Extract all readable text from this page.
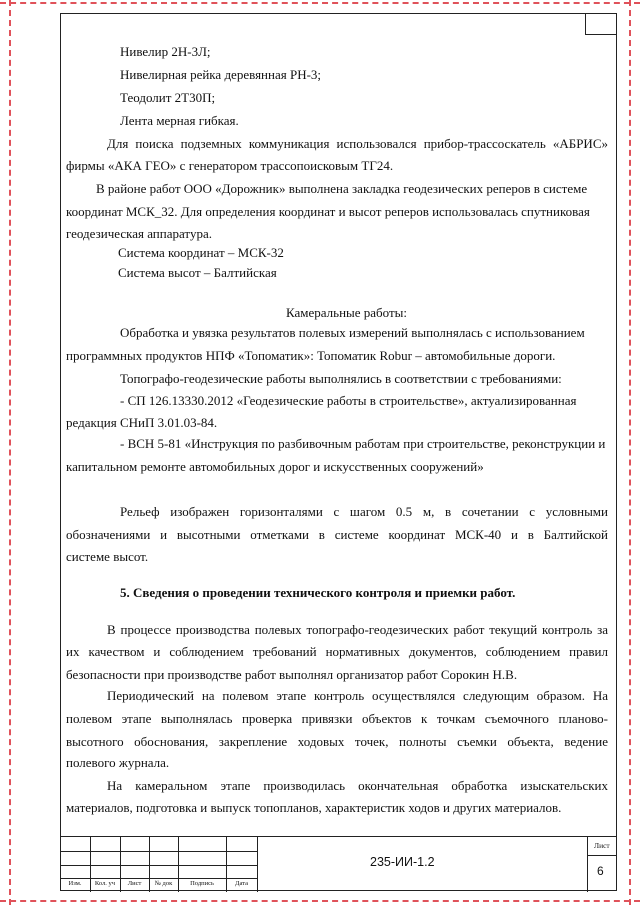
Нивелир 2Н-3Л;
Нивелирная рейка деревянная РН-3;
Теодолит 2Т30П;
Лента мерная гибкая.
Для поиска подземных коммуникация использовался прибор-трассоскатель «АБРИС»
фирмы «АКА ГЕО» с генератором трассопоисковым ТГ24.
В районе работ ООО «Дорожник» выполнена закладка геодезических реперов в системе
координат МСК_32. Для определения координат и высот реперов использовалась спутниковая
геодезическая аппаратура.
Система координат – МСК-32
Система высот – Балтийская
Камеральные работы:
Обработка и увязка результатов полевых измерений выполнялась с использованием
программных продуктов НПФ «Топоматик»: Топоматик Robur – автомобильные дороги.
Топографо-геодезические работы выполнялись в соответствии с требованиями:
- СП 126.13330.2012 «Геодезические работы в строительстве», актуализированная
редакция СНиП 3.01.03-84.
- ВСН 5-81 «Инструкция по разбивочным работам при строительстве, реконструкции и
капитальном ремонте автомобильных дорог и искусственных сооружений»
Рельеф изображен горизонталями с шагом 0.5 м, в сочетании с условными
обозначениями и высотными отметками в системе координат МСК-40 и в Балтийской
системе высот.
5. Сведения о проведении технического контроля и приемки работ.
В процессе производства полевых топографо-геодезических работ текущий контроль за
их качеством и соблюдением требований нормативных документов, соблюдением правил
безопасности при производстве работ выполнял организатор работ Сорокин Н.В.
Периодический на полевом этапе контроль осуществлялся следующим образом. На
полевом этапе выполнялась проверка привязки объектов к точкам съемочного планово-
высотного обоснования, закрепление ходовых точек, полноты съемки объекта, ведение
полевого журнала.
На камеральном этапе производилась окончательная обработка изыскательских
материалов, подготовка и выпуск топопланов, характеристик ходов и других материалов.
Изм.	Кол. уч	Лист	№ док	Подпись	Дата
235-ИИ-1.2
Лист
6
